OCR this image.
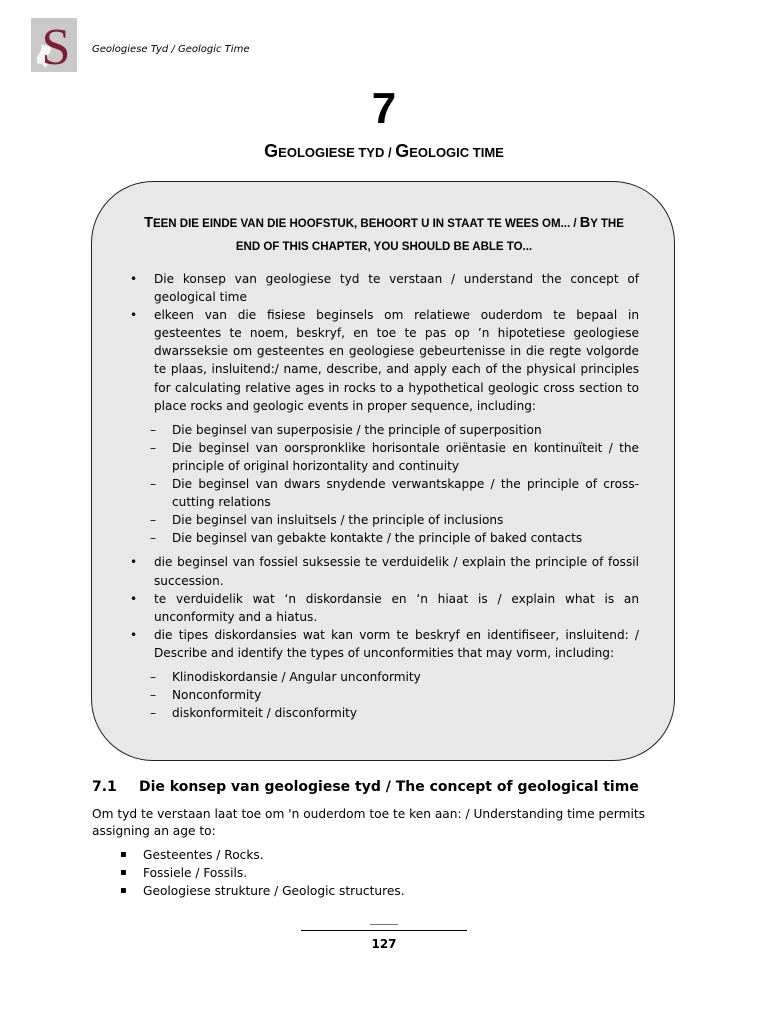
S Geologiese Tyd / Geologic Time
7
GEOLOGIESE TYD / GEOLOGIC TIME
TEEN DIE EINDE VAN DIE HOOFSTUK, BEHOORT U IN STAAT TE WEES OM... / BY THE
END OF THIS CHAPTER, YOU SHOULD BE ABLE TO...
• Die konsep van geologiese tyd te verstaan / understand the concept of geological time
• elkeen van die fisiese beginsels om relatiewe ouderdom te bepaal in gesteentes te noem, beskryf, en toe te pas op ’n hipotetiese geologiese dwarsseksie om gesteentes en geologiese gebeurtenisse in die regte volgorde te plaas, insluitend:/ name, describe, and apply each of the physical principles for calculating relative ages in rocks to a hypothetical geologic cross section to place rocks and geologic events in proper sequence, including:
– Die beginsel van superposisie / the principle of superposition
– Die beginsel van oorspronklike horisontale oriëntasie en kontinuïteit / the principle of original horizontality and continuity
– Die beginsel van dwars snydende verwantskappe / the principle of cross-cutting relations
– Die beginsel van insluitsels / the principle of inclusions
– Die beginsel van gebakte kontakte / the principle of baked contacts
• die beginsel van fossiel suksessie te verduidelik / explain the principle of fossil succession.
• te verduidelik wat ‘n diskordansie en ‘n hiaat is / explain what is an unconformity and a hiatus.
• die tipes diskordansies wat kan vorm te beskryf en identifiseer, insluitend: / Describe and identify the types of unconformities that may vorm, including:
– Klinodiskordansie / Angular unconformity
– Nonconformity
– diskonformiteit / disconformity
7.1 Die konsep van geologiese tyd / The concept of geological time
Om tyd te verstaan laat toe om 'n ouderdom toe te ken aan: / Understanding time permits assigning an age to:
▪ Gesteentes / Rocks.
▪ Fossiele / Fossils.
▪ Geologiese strukture / Geologic structures.
127
